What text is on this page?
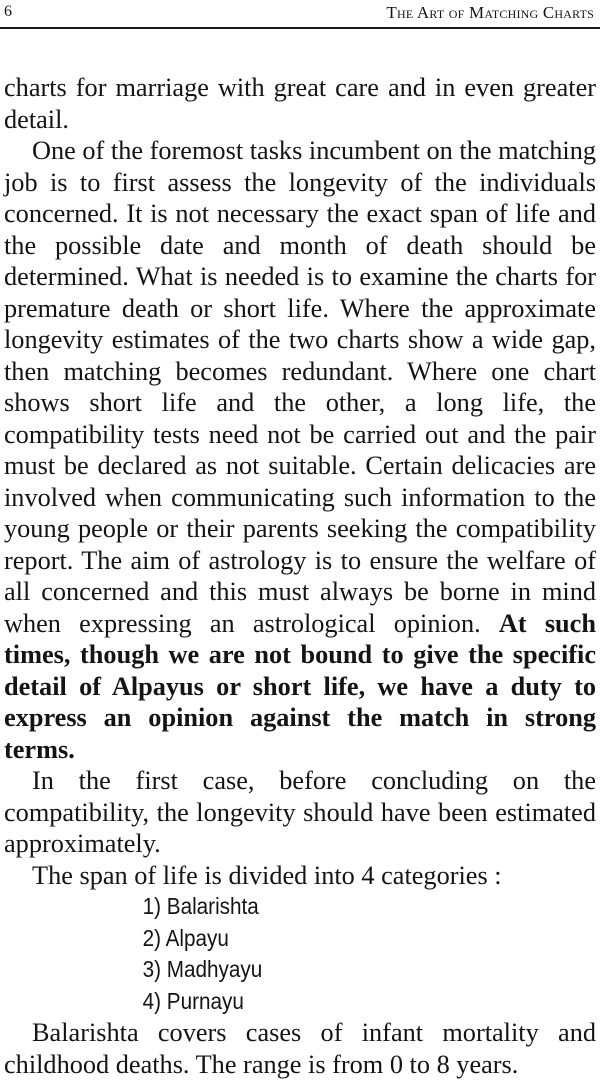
6	The Art of Matching Charts

charts for marriage with great care and in even greater detail.

One of the foremost tasks incumbent on the matching job is to first assess the longevity of the individuals concerned. It is not necessary the exact span of life and the possible date and month of death should be determined. What is needed is to examine the charts for premature death or short life. Where the approximate longevity estimates of the two charts show a wide gap, then matching becomes redundant. Where one chart shows short life and the other, a long life, the compatibility tests need not be carried out and the pair must be declared as not suitable. Certain delicacies are involved when communicating such information to the young people or their parents seeking the compatibility report. The aim of astrology is to ensure the welfare of all concerned and this must always be borne in mind when expressing an astrological opinion. At such times, though we are not bound to give the specific detail of Alpayus or short life, we have a duty to express an opinion against the match in strong terms.

In the first case, before concluding on the compatibility, the longevity should have been estimated approximately.

The span of life is divided into 4 categories :

1) Balarishta
2) Alpayu
3) Madhyayu
4) Purnayu

Balarishta covers cases of infant mortality and childhood deaths. The range is from 0 to 8 years.
